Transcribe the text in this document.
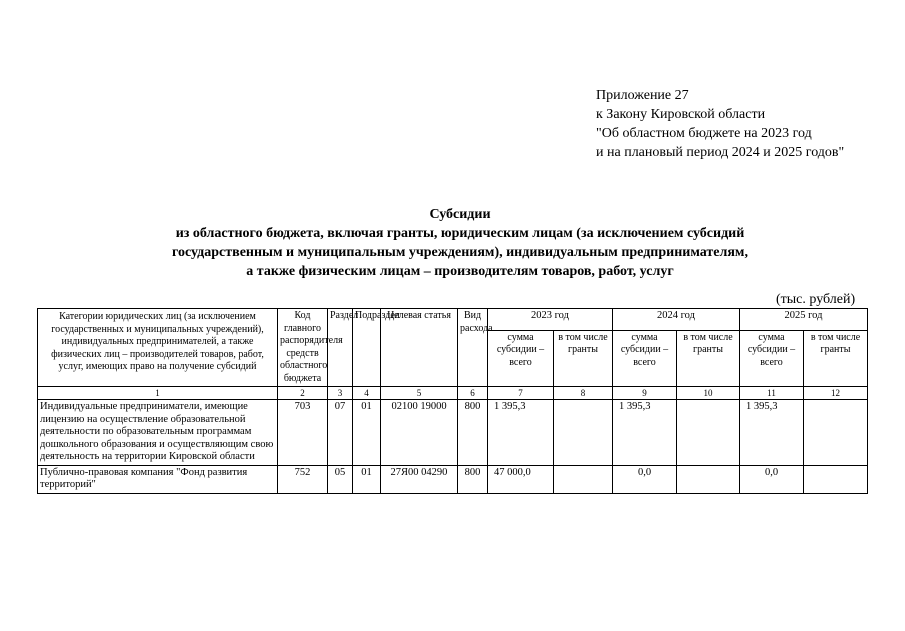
Приложение 27
к Закону Кировской области
"Об областном бюджете на 2023 год
и на плановый период 2024 и 2025 годов"
Субсидии
из областного бюджета, включая гранты, юридическим лицам (за исключением субсидий
государственным и муниципальным учреждениям), индивидуальным предпринимателям,
а также физическим лицам – производителям товаров, работ, услуг
(тыс. рублей)
Категории юридических лиц (за исключением государственных и муниципальных учреждений), индивидуальных предпринимателей, а также физических лиц – производителей товаров, работ, услуг, имеющих право на получение субсидий	Код главного распорядителя средств областного бюджета	Раздел	Подраздел	Целевая статья	Вид расхода	2023 год		2024 год		2025 год	
						сумма субсидии – всего	в том числе гранты	сумма субсидии – всего	в том числе гранты	сумма субсидии – всего	в том числе гранты
1	2	3	4	5	6	7	8	9	10	11	12
Индивидуальные предприниматели, имеющие лицензию на осуществление образовательной деятельности по образовательным программам дошкольного образования и осуществляющим свою деятельность на территории Кировской области	703	07	01	02100 19000	800	1 395,3		1 395,3		1 395,3	
Публично-правовая компания "Фонд развития территорий"	752	05	01	27Я00 04290	800	47 000,0		0,0		0,0	
